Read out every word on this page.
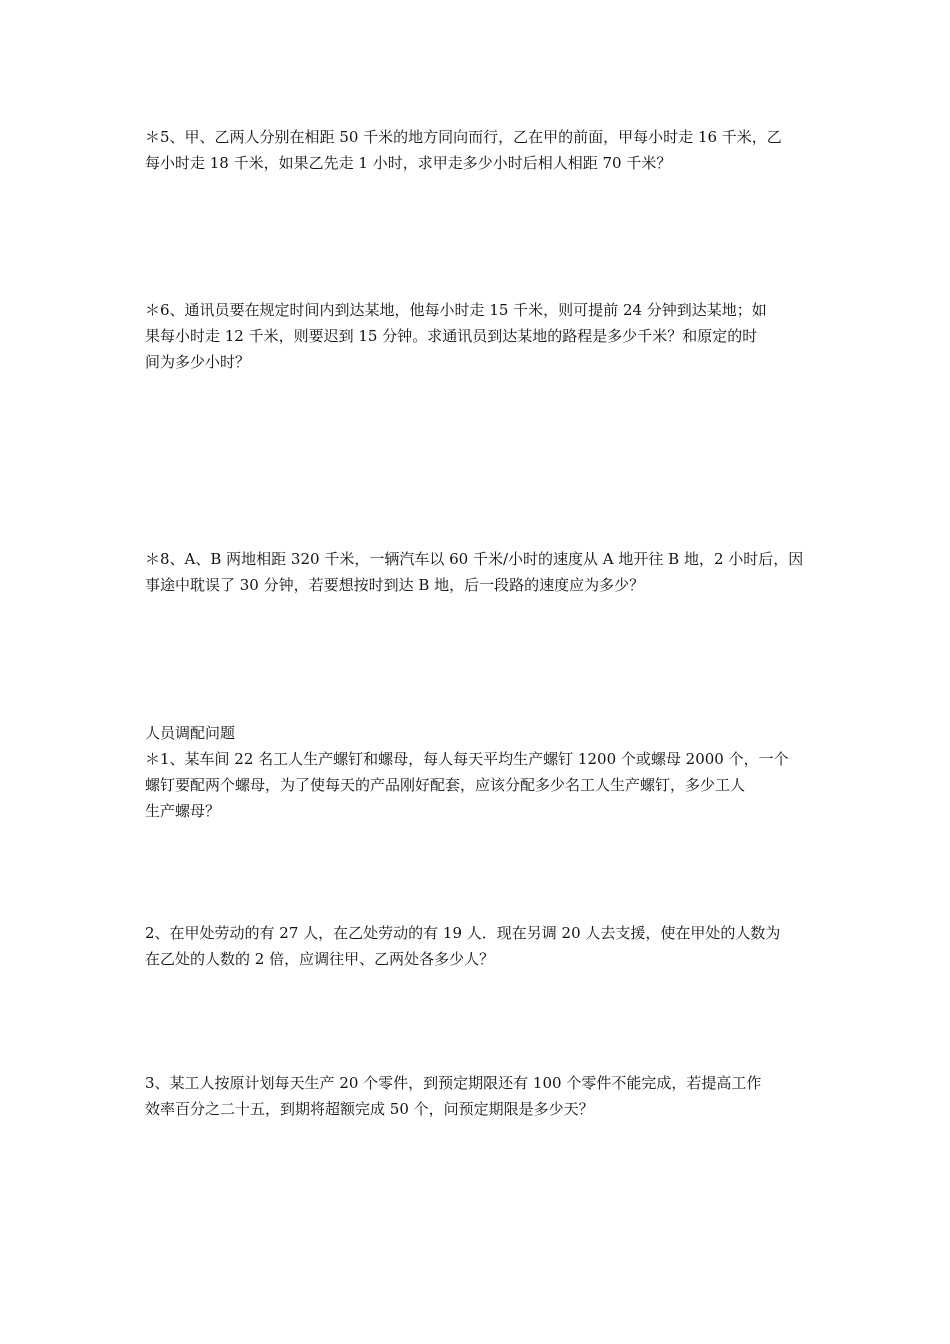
＊5、甲、乙两人分别在相距 50 千米的地方同向而行，乙在甲的前面，甲每小时走 16 千米，乙
每小时走 18 千米，如果乙先走 1 小时，求甲走多少小时后相人相距 70 千米？
＊6、通讯员要在规定时间内到达某地，他每小时走 15 千米，则可提前 24 分钟到达某地；如
果每小时走 12 千米，则要迟到 15 分钟。求通讯员到达某地的路程是多少千米？和原定的时
间为多少小时？
＊8、A、B 两地相距 320 千米，一辆汽车以 60 千米/小时的速度从 A 地开往 B 地，2 小时后，因
事途中耽误了 30 分钟，若要想按时到达 B 地，后一段路的速度应为多少？
人员调配问题
＊1、某车间 22 名工人生产螺钉和螺母，每人每天平均生产螺钉 1200 个或螺母 2000 个，一个
螺钉要配两个螺母，为了使每天的产品刚好配套，应该分配多少名工人生产螺钉，多少工人
生产螺母？
2、在甲处劳动的有 27 人，在乙处劳动的有 19 人．现在另调 20 人去支援，使在甲处的人数为
在乙处的人数的 2 倍，应调往甲、乙两处各多少人？
3、某工人按原计划每天生产 20 个零件，到预定期限还有 100 个零件不能完成，若提高工作
效率百分之二十五，到期将超额完成 50 个，问预定期限是多少天？
